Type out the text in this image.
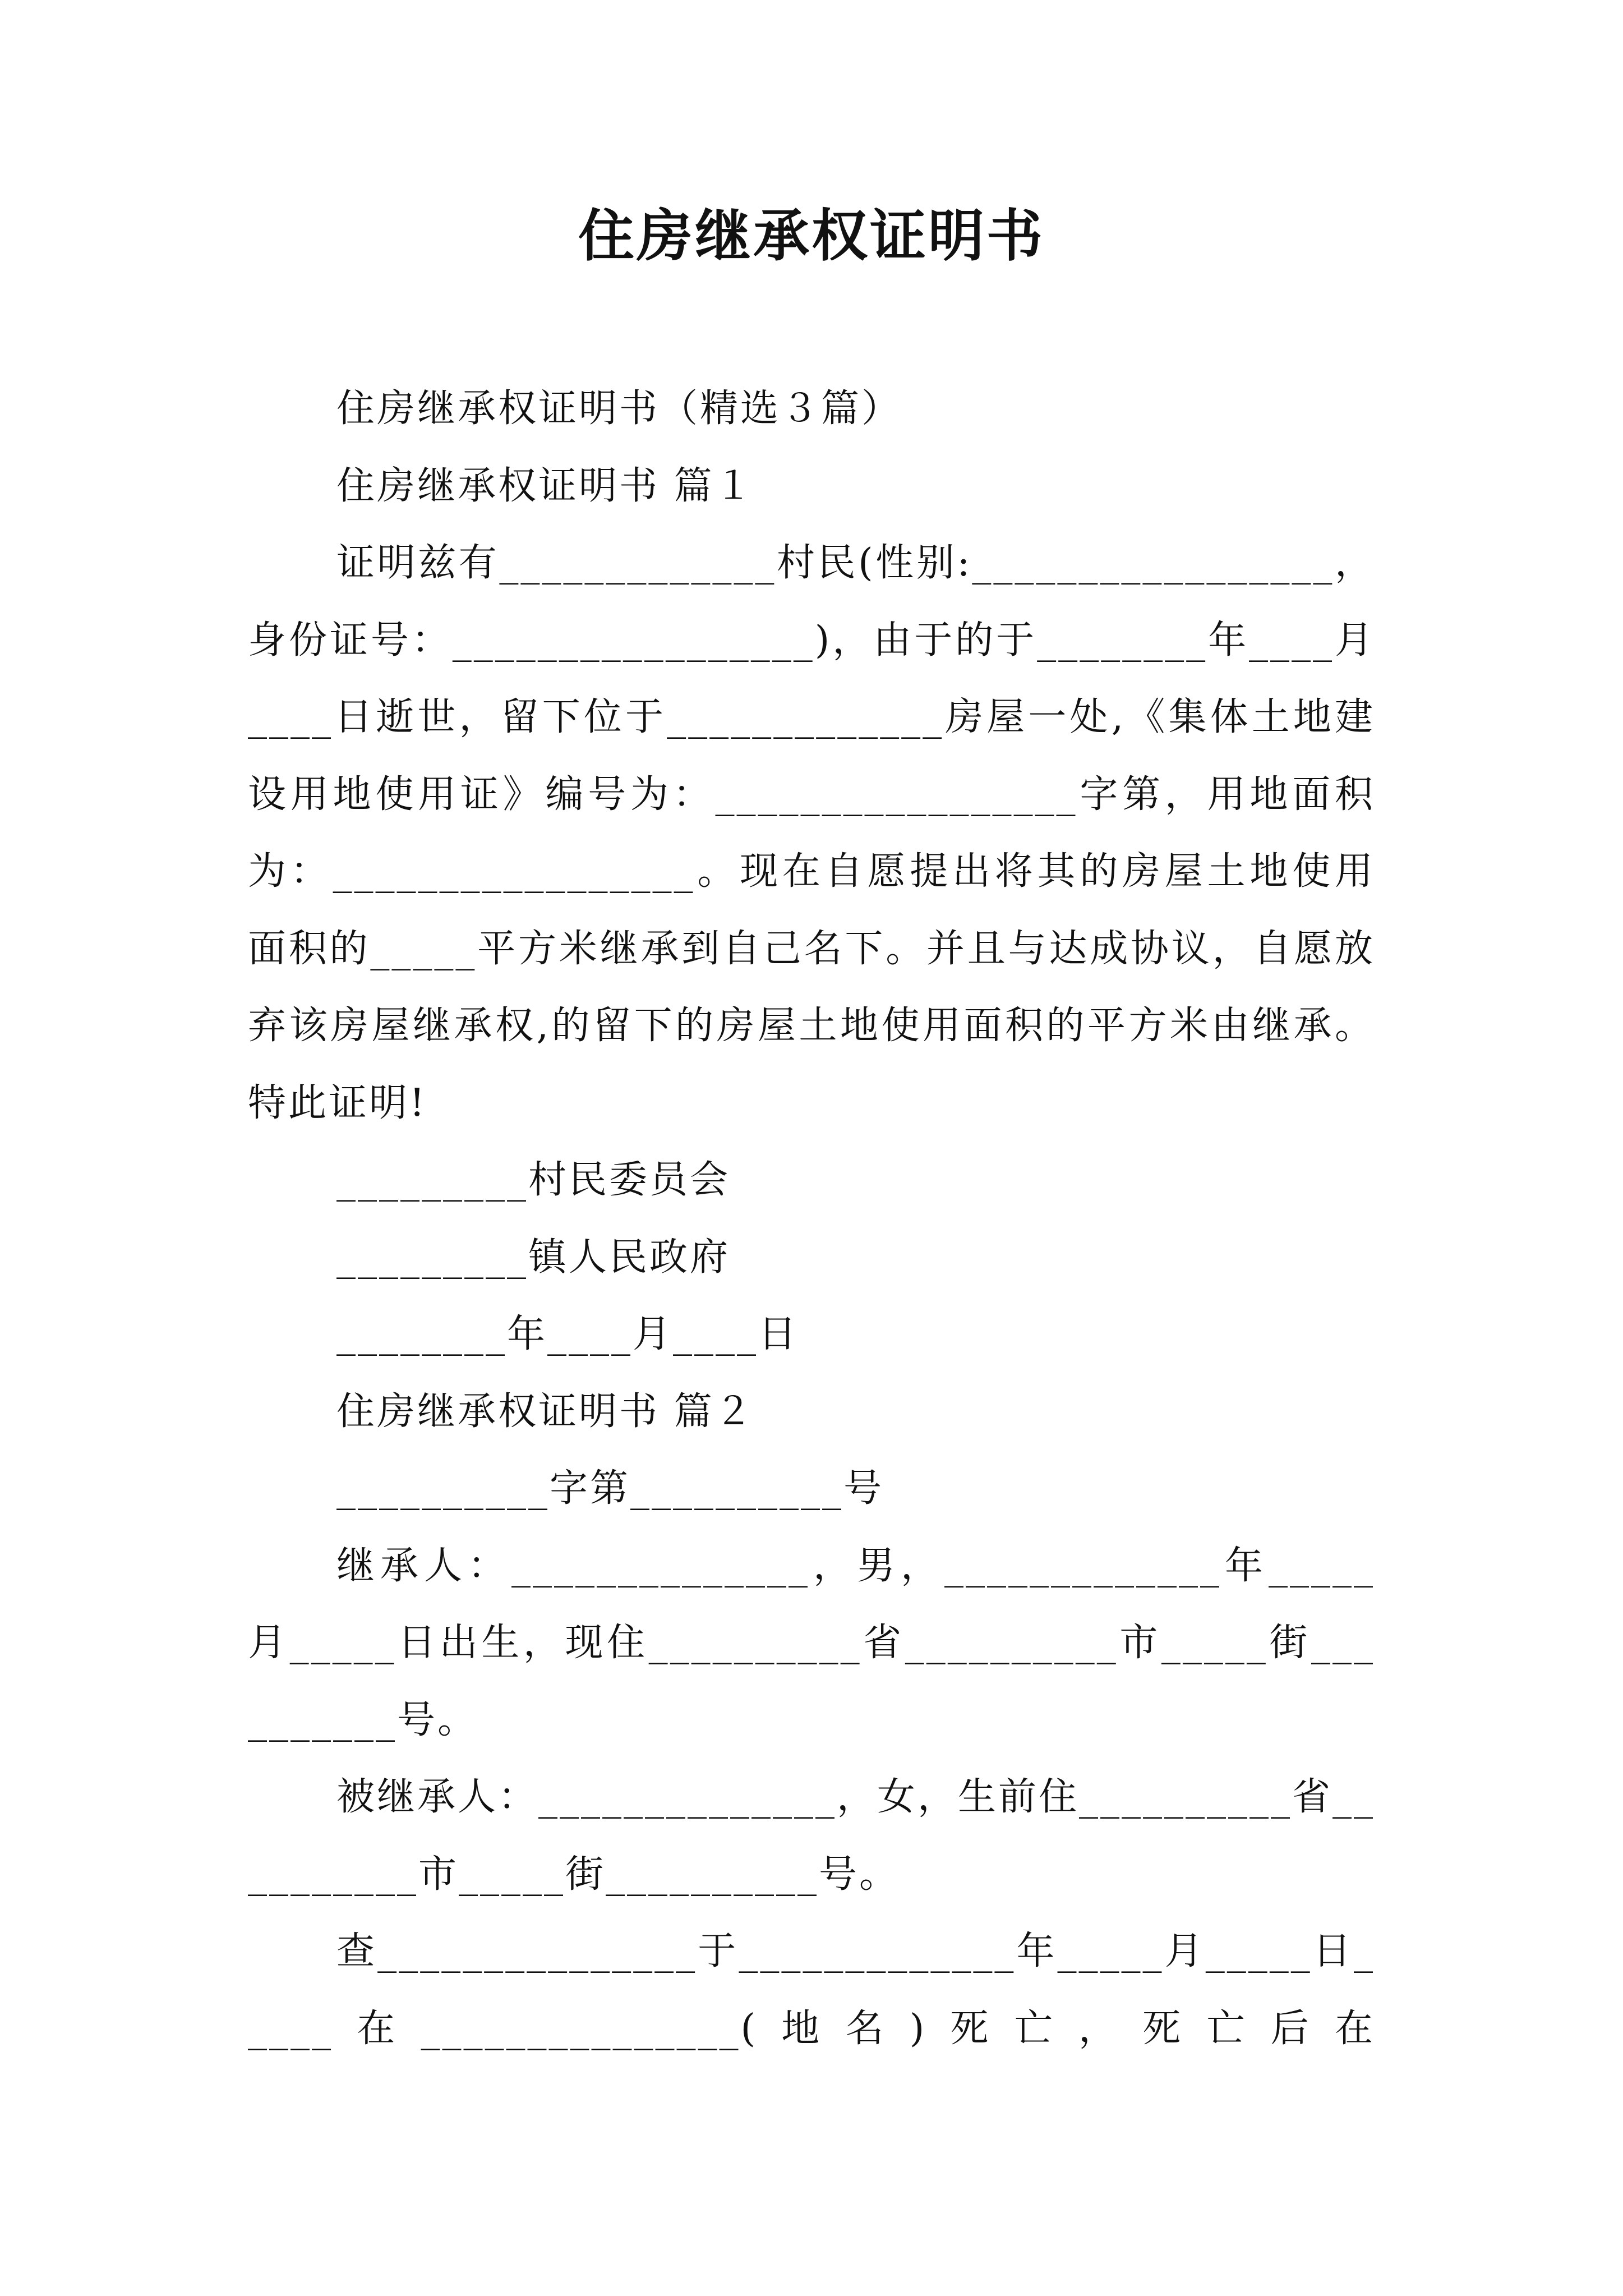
住房继承权证明书

住房继承权证明书（精选３篇）

住房继承权证明书 篇１

证明兹有_____________村民(性别:_________________，身份证号：_________________)，由于的于________年____月____日逝世，留下位于_____________房屋一处,《集体土地建设用地使用证》编号为：_________________字第，用地面积为：_________________。现在自愿提出将其的房屋土地使用面积的_____平方米继承到自己名下。并且与达成协议，自愿放弃该房屋继承权,的留下的房屋土地使用面积的平方米由继承。特此证明!

_________村民委员会

_________镇人民政府

________年____月____日

住房继承权证明书 篇２

__________字第__________号

继承人：______________，男，_____________年_____月_____日出生，现住__________省__________市_____街__________号。

被继承人：______________，女，生前住__________省__________市_____街__________号。

查_______________于_____________年_____月_____日_____在_______________(地名)死亡，死亡后在
